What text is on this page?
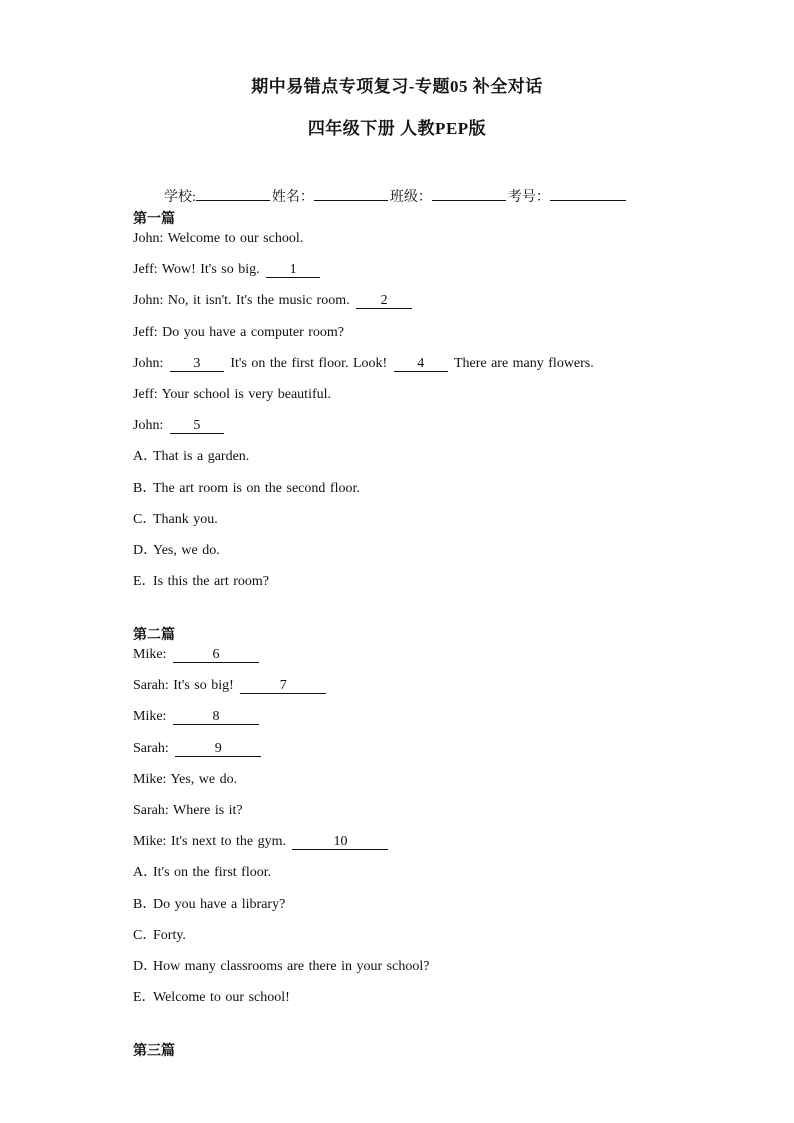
期中易错点专项复习-专题05 补全对话
四年级下册 人教PEP版
学校:	姓名：	班级：	考号：
第一篇
John: Welcome to our school.
Jeff: Wow! It's so big. 1
John: No, it isn't. It's the music room. 2
Jeff: Do you have a computer room?
John: 3 It's on the first floor. Look! 4 There are many flowers.
Jeff: Your school is very beautiful.
John: 5
A．That is a garden.
B．The art room is on the second floor.
C．Thank you.
D．Yes, we do.
E．Is this the art room?
第二篇
Mike:	6
Sarah: It's so big!	7
Mike:	8
Sarah:	9
Mike: Yes, we do.
Sarah: Where is it?
Mike: It's next to the gym.	10
A．It's on the first floor.
B．Do you have a library?
C．Forty.
D．How many classrooms are there in your school?
E．Welcome to our school!
第三篇
